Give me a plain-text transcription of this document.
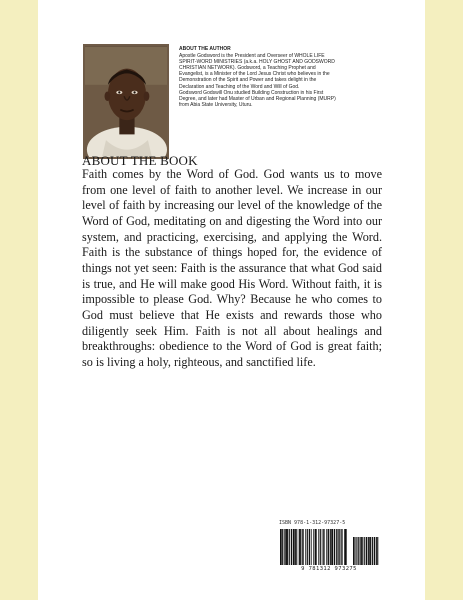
ABOUT THE AUTHOR
Apostle Godsword is the President and Overseer of WHOLE LIFE
SPIRIT-WORD MINISTRIES (a.k.a. HOLY GHOST AND GODSWORD
CHRISTIAN NETWORK). Godsword, a Teaching Prophet and
Evangelist, is a Minister of the Lord Jesus Christ who believes in the
Demonstration of the Spirit and Power and takes delight in the
Declaration and Teaching of the Word and Will of God.
Godsword Godswill Onu studied Building Construction in his First
Degree, and later had Master of Urban and Regional Planning (MURP)
from Abia State University, Uturu.
ABOUT THE BOOK
Faith comes by the Word of God. God wants us to move from one level of faith to another level. We increase in our level of faith by increasing our level of the knowledge of the Word of God, meditating on and digesting the Word into our system, and practicing, exercising, and applying the Word. Faith is the substance of things hoped for, the evidence of things not yet seen: Faith is the assurance that what God said is true, and He will make good His Word. Without faith, it is impossible to please God. Why? Because he who comes to God must believe that He exists and rewards those who diligently seek Him. Faith is not all about healings and breakthroughs: obedience to the Word of God is great faith; so is living a holy, righteous, and sanctified life.
ISBN 978-1-312-97327-5
9 781312 973275
